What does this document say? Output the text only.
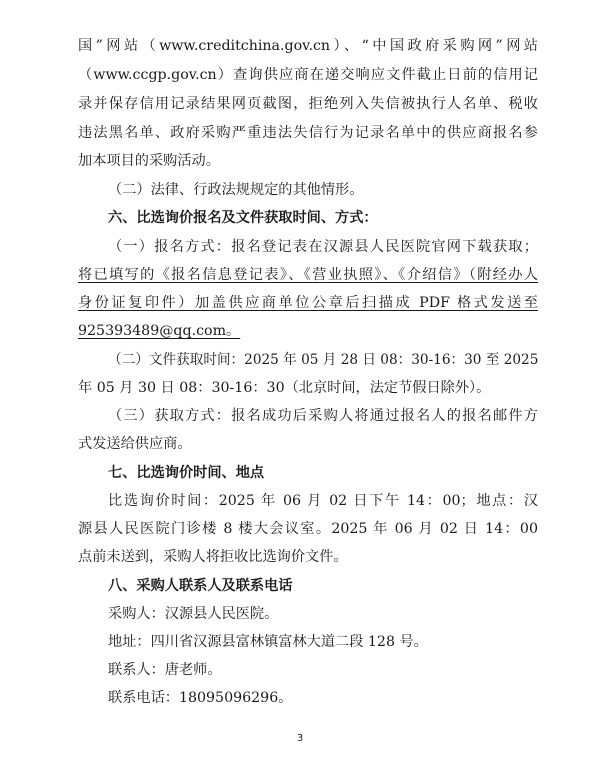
国”网站（www.creditchina.gov.cn）、“中国政府采购网”网站
（www.ccgp.gov.cn）查询供应商在递交响应文件截止日前的信用记
录并保存信用记录结果网页截图，拒绝列入失信被执行人名单、税收
违法黑名单、政府采购严重违法失信行为记录名单中的供应商报名参
加本项目的采购活动。
（二）法律、行政法规规定的其他情形。
六、比选询价报名及文件获取时间、方式：
（一）报名方式：报名登记表在汉源县人民医院官网下载获取；
将已填写的《报名信息登记表》、《营业执照》、《介绍信》（附经办人
身份证复印件）加盖供应商单位公章后扫描成 PDF 格式发送至
925393489@qq.com。
（二）文件获取时间：2025 年 05 月 28 日 08：30-16：30 至 2025
年 05 月 30 日 08：30-16：30（北京时间，法定节假日除外）。
（三）获取方式：报名成功后采购人将通过报名人的报名邮件方
式发送给供应商。
七、比选询价时间、地点
比选询价时间：2025 年 06 月 02 日下午 14：00；地点：汉
源县人民医院门诊楼 8 楼大会议室。2025 年 06 月 02 日 14：00
点前未送到，采购人将拒收比选询价文件。
八、采购人联系人及联系电话
采购人：汉源县人民医院。
地址：四川省汉源县富林镇富林大道二段 128 号。
联系人：唐老师。
联系电话：18095096296。
3
